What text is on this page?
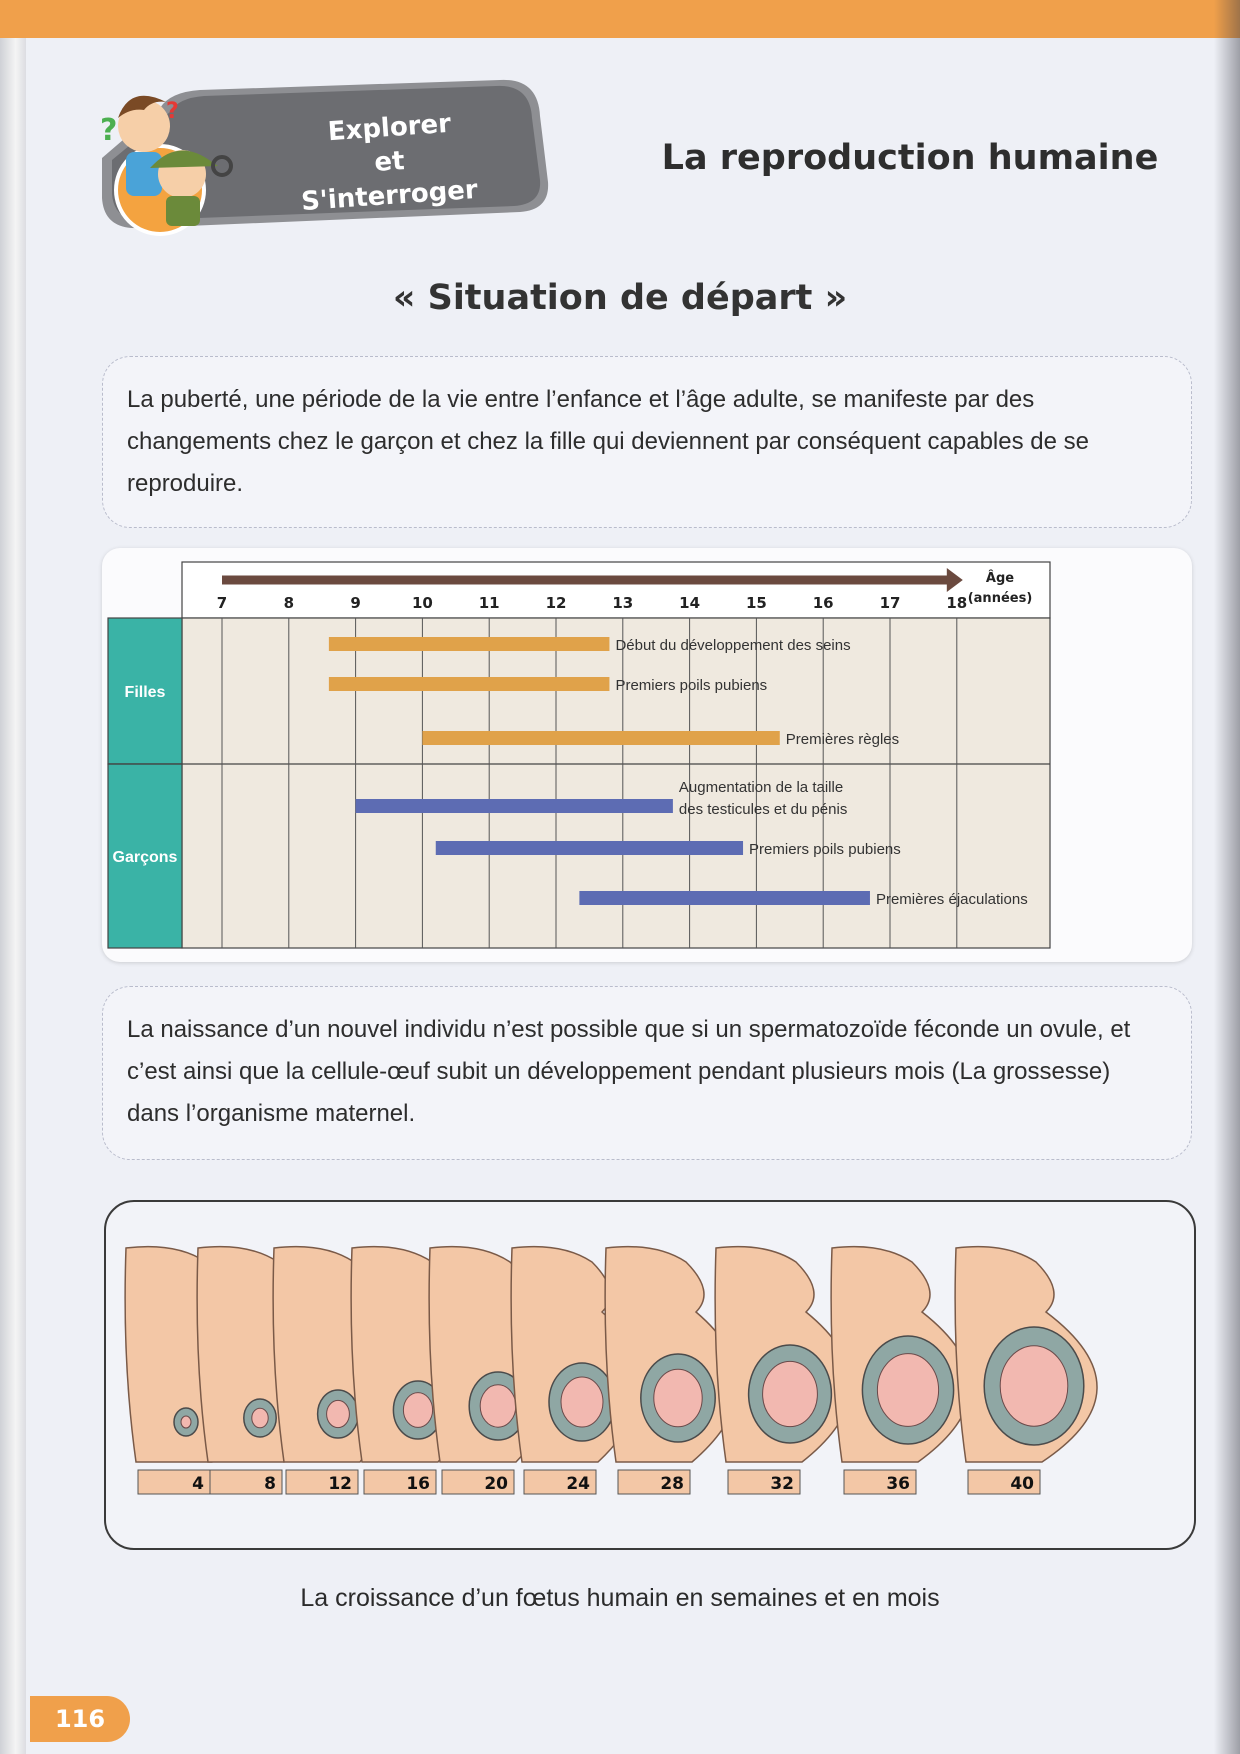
?
?	Explorer
et
S'interroger
La reproduction humaine
« Situation de départ »
La puberté, une période de la vie entre l’enfance et l’âge adulte, se manifeste par des changements chez le garçon et chez la fille qui deviennent par conséquent capables de se reproduire.
Filles
Garçons
7	8	9	10	11	12	13	14	15	16	17	18
Âge
(années)
Début du développement des seins
Premiers poils pubiens
Premières règles
Augmentation de la taille
des testicules et du pénis
Premiers poils pubiens
Premières éjaculations
La naissance d’un nouvel individu n’est possible que si un spermatozoïde féconde un ovule, et c’est ainsi que la cellule-œuf subit un développement pendant plusieurs mois (La grossesse) dans l’organisme maternel.
4	8	12	16	20	24	28	32	36	40

La croissance d’un fœtus humain en semaines et en mois

116
